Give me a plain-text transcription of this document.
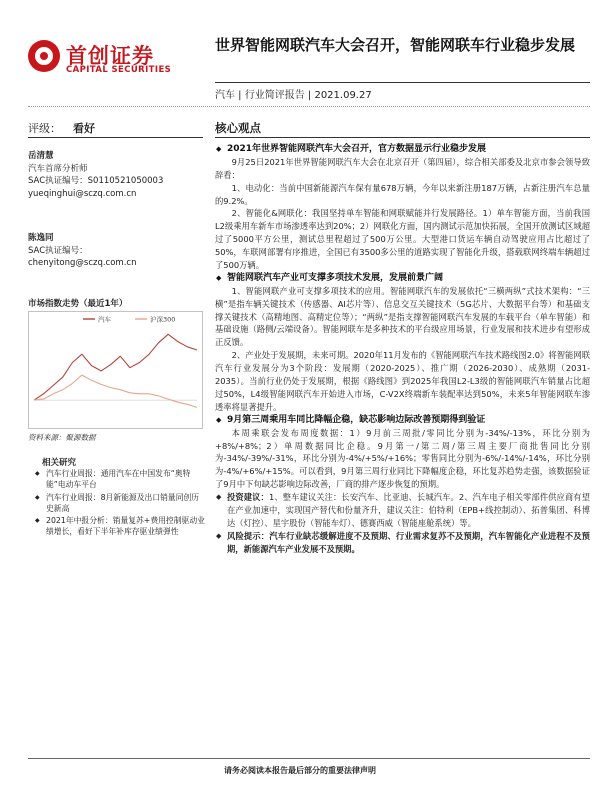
首创证券
CAPITAL SECURITIES
世界智能网联汽车大会召开，智能网联车行业稳步发展
汽车 | 行业简评报告 | 2021.09.27
评级： 看好
岳清慧
汽车首席分析师
SAC执证编号：S0110521050003
yueqinghui@sczq.com.cn
陈逸同
SAC执证编号：
chenyitong@sczq.com.cn
市场指数走势（最近1年）
汽车	沪深300
资料来源：聚源数据
相关研究
◆ 汽车行业周报：通用汽车在中国发布“奥特能”电动车平台
◆ 汽车行业周报：8月新能源及出口销量同创历史新高
◆ 2021年中报分析：销量复苏+费用控制驱动业绩增长，看好下半年补库存驱业绩弹性
核心观点
◆ 2021年世界智能网联汽车大会召开，官方数据显示行业稳步发展

9月25日2021年世界智能网联汽车大会在北京召开（第四届），综合相关部委及北京市参会领导致辞看：

1、电动化：当前中国新能源汽车保有量678万辆，今年以来新注册187万辆，占新注册汽车总量的9.2%。

2、智能化&网联化：我国坚持单车智能和网联赋能并行发展路径。1）单车智能方面，当前我国L2级乘用车新车市场渗透率达到20%；2）网联化方面，国内测试示范加快拓展，全国开放测试区域超过了5000平方公里，测试总里程超过了500万公里。大型港口货运车辆自动驾驶应用占比超过了50%，车联网部署有序推进，全国已有3500多公里的道路实现了智能化升级，搭载联网终端车辆超过了500万辆。

◆ 智能网联汽车产业可支撑多项技术发展，发展前景广阔

1、智能网联产业可支撑多项技术的应用。智能网联汽车的发展依托“三横两纵”式技术架构：“三横”是指车辆关键技术（传感器、AI芯片等）、信息交互关键技术（5G芯片、大数据平台等）和基础支撑关键技术（高精地图、高精定位等）；“两纵”是指支撑智能网联汽车发展的车载平台（单车智能）和基础设施（路侧/云端设备）。智能网联车是多种技术的平台级应用场景，行业发展和技术进步有望形成正反馈。

2、产业处于发展期，未来可期。2020年11月发布的《智能网联汽车技术路线图2.0》将智能网联汽车行业发展分为3个阶段：发展期（2020-2025）、推广期（2026-2030）、成熟期（2031-2035）。当前行业仍处于发展期，根据《路线图》到2025年我国L2-L3级的智能网联汽车销量占比超过50%，L4级智能网联汽车开始进入市场，C-V2X终端新车装配率达到50%，未来5年智能网联车渗透率将显著提升。

◆ 9月第三周乘用车同比降幅企稳，缺芯影响边际改善预期得到验证

本周乘联会发布周度数据：1）9月前三周批/零同比分别为-34%/-13%，环比分别为+8%/+8%；2）单周数据同比企稳。9月第一/第二周/第三周主要厂商批售同比分别为-34%/-39%/-31%，环比分别为-4%/+5%/+16%；零售同比分别为-6%/-14%/-14%，环比分别为-4%/+6%/+15%。可以看到，9月第三周行业同比下降幅度企稳，环比复苏趋势走强，该数据验证了9月中下旬缺芯影响边际改善，厂商的排产逐步恢复的预期。

◆ 投资建议：1、整车建议关注：长安汽车、比亚迪、长城汽车。2、汽车电子相关零部件供应商有望在产业加速中，实现国产替代和份量齐升，建议关注：伯特利（EPB+线控制动）、拓普集团、科博达（灯控）、星宇股份（智能车灯）、德赛西威（智能座舱系统）等。

◆ 风险提示：汽车行业缺芯缓解进度不及预期、行业需求复苏不及预期，汽车智能化产业进程不及预期，新能源汽车产业发展不及预期。

请务必阅读本报告最后部分的重要法律声明
